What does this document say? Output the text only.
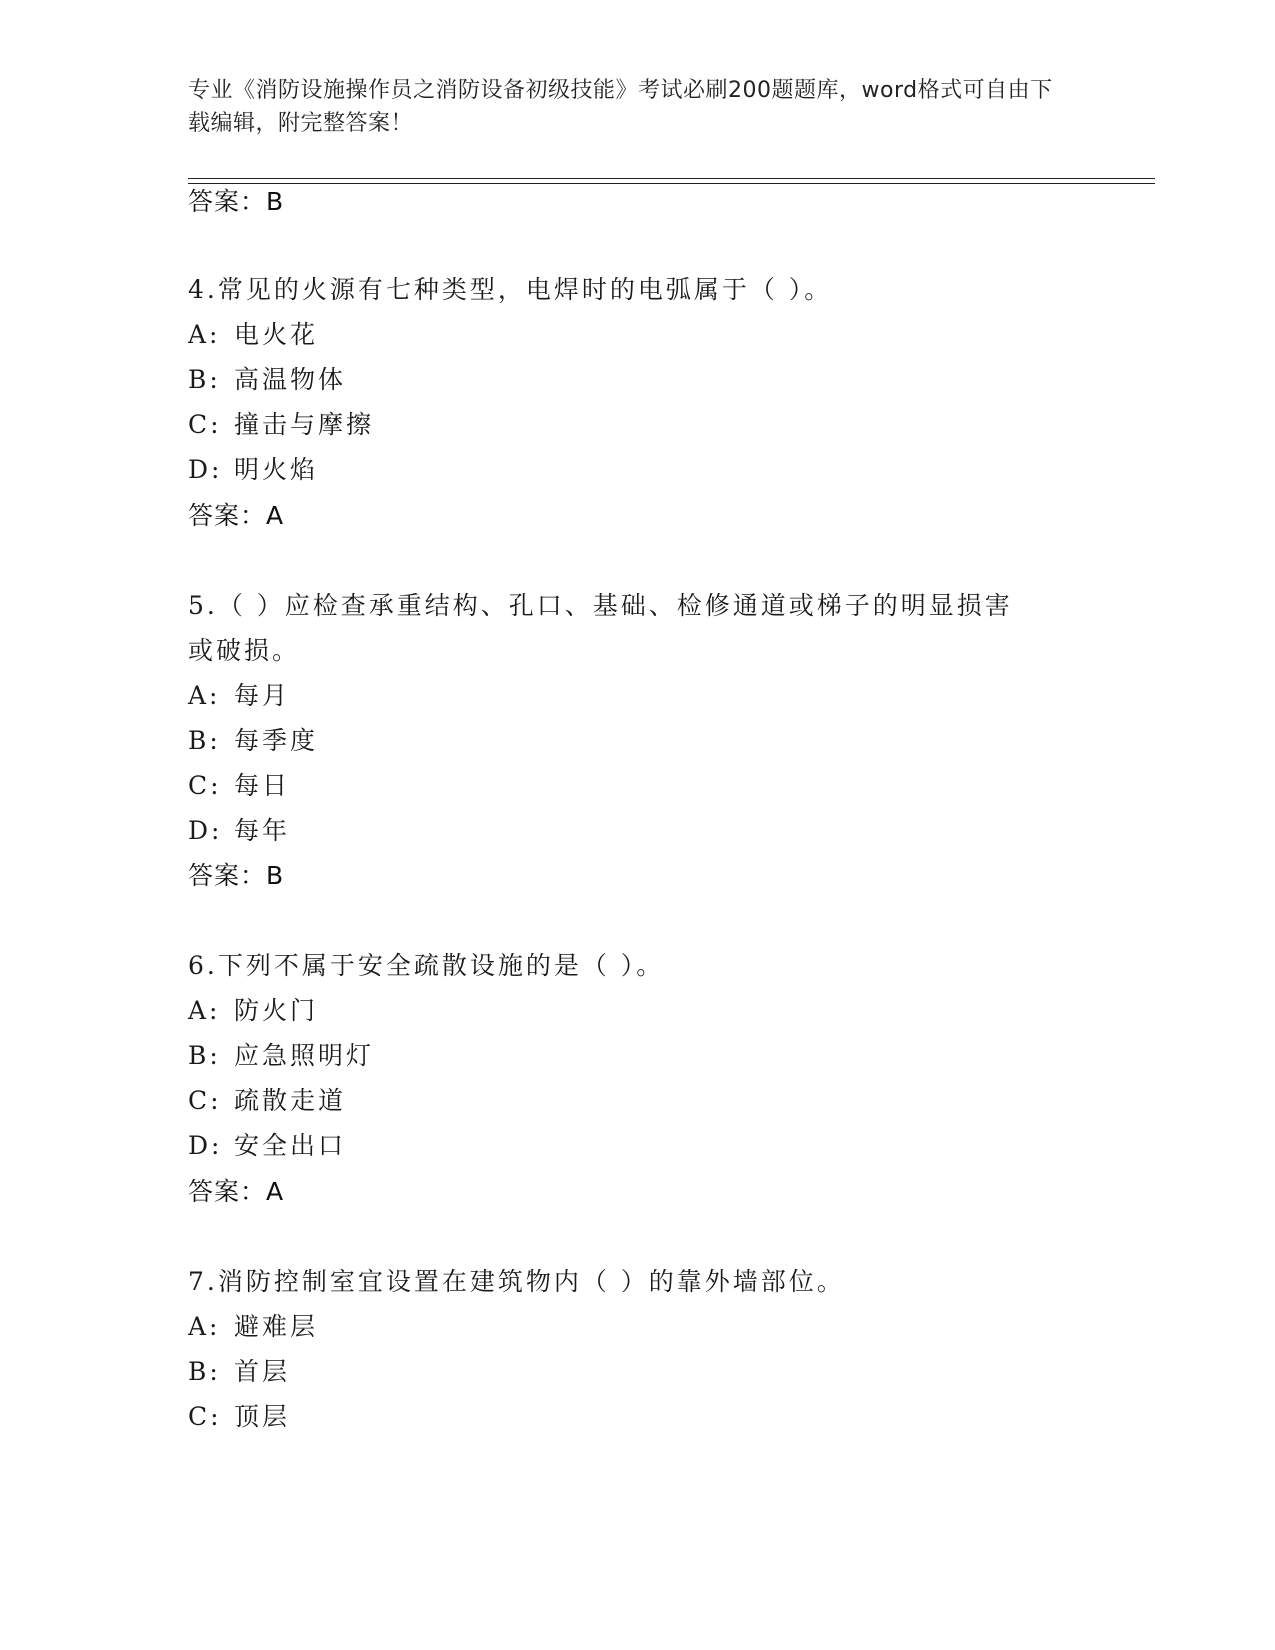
专业《消防设施操作员之消防设备初级技能》考试必刷200题题库，word格式可自由下载编辑，附完整答案！
答案：B
4.常见的火源有七种类型，电焊时的电弧属于（ ）。
A: 电火花
B: 高温物体
C: 撞击与摩擦
D: 明火焰
答案：A
5.（ ）应检查承重结构、孔口、基础、检修通道或梯子的明显损害
或破损。
A: 每月
B: 每季度
C: 每日
D: 每年
答案：B
6.下列不属于安全疏散设施的是（ ）。
A: 防火门
B: 应急照明灯
C: 疏散走道
D: 安全出口
答案：A
7.消防控制室宜设置在建筑物内（ ）的靠外墙部位。
A: 避难层
B: 首层
C: 顶层
